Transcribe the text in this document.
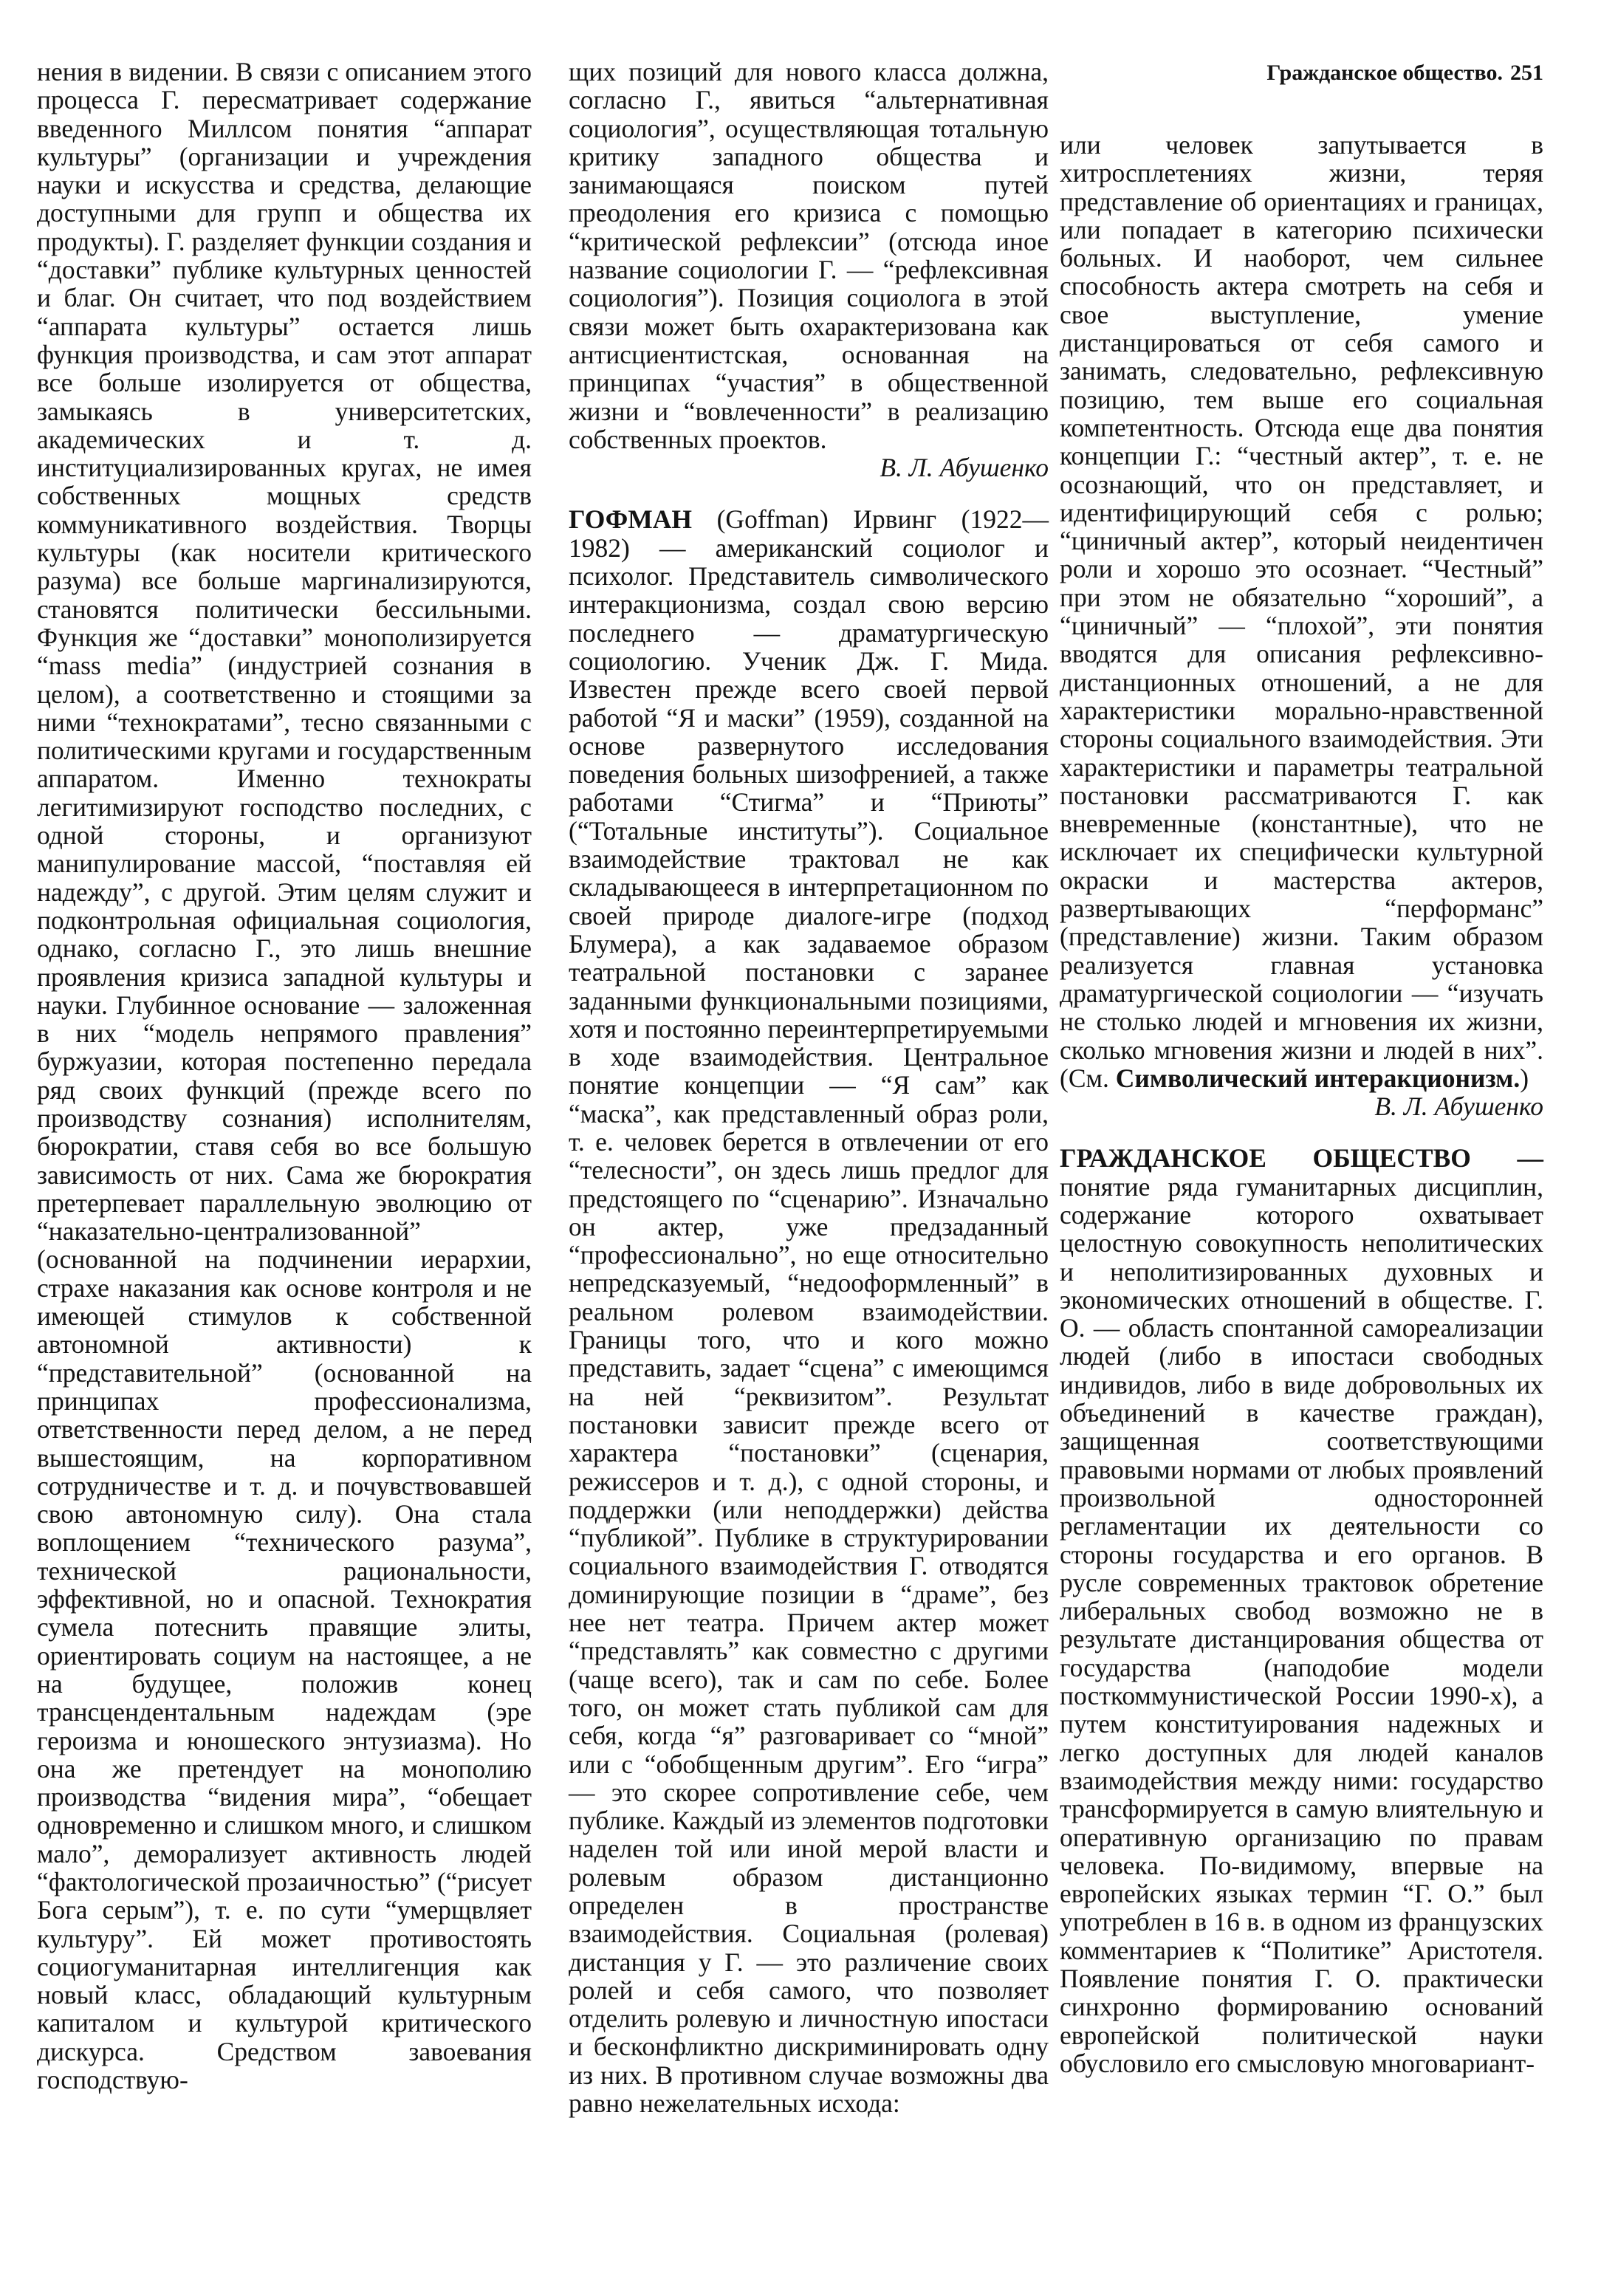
Гражданское общество. 251

нения в видении. В связи с описанием этого процесса Г. пересматривает содержание введенного Миллсом понятия “аппарат культуры” (организации и учреждения науки и искусства и средства, делающие доступными для групп и общества их продукты). Г. разделяет функции создания и “доставки” публике культурных ценностей и благ. Он считает, что под воздействием “аппарата культуры” остается лишь функция производства, и сам этот аппарат все больше изолируется от общества, замыкаясь в университетских, академических и т. д. институциализированных кругах, не имея собственных мощных средств коммуникативного воздействия. Творцы культуры (как носители критического разума) все больше маргинализируются, становятся политически бессильными. Функция же “доставки” монополизируется “mass media” (индустрией сознания в целом), а соответственно и стоящими за ними “технократами”, тесно связанными с политическими кругами и государственным аппаратом. Именно технократы легитимизируют господство последних, с одной стороны, и организуют манипулирование массой, “поставляя ей надежду”, с другой. Этим целям служит и подконтрольная официальная социология, однако, согласно Г., это лишь внешние проявления кризиса западной культуры и науки. Глубинное основание — заложенная в них “модель непрямого правления” буржуазии, которая постепенно передала ряд своих функций (прежде всего по производству сознания) исполнителям, бюрократии, ставя себя во все большую зависимость от них. Сама же бюрократия претерпевает параллельную эволюцию от “наказательно-централизованной” (основанной на подчинении иерархии, страхе наказания как основе контроля и не имеющей стимулов к собственной автономной активности) к “представительной” (основанной на принципах профессионализма, ответственности перед делом, а не перед вышестоящим, на корпоративном сотрудничестве и т. д. и почувствовавшей свою автономную силу). Она стала воплощением “технического разума”, технической рациональности, эффективной, но и опасной. Технократия сумела потеснить правящие элиты, ориентировать социум на настоящее, а не на будущее, положив конец трансцендентальным надеждам (эре героизма и юношеского энтузиазма). Но она же претендует на монополию производства “видения мира”, “обещает одновременно и слишком много, и слишком мало”, деморализует активность людей “фактологической прозаичностью” (“рисует Бога серым”), т. е. по сути “умерщвляет культуру”. Ей может противостоять социогуманитарная интеллигенция как новый класс, обладающий культурным капиталом и культурой критического дискурса. Средством завоевания господствую-

щих позиций для нового класса должна, согласно Г., явиться “альтернативная социология”, осуществляющая тотальную критику западного общества и занимающаяся поиском путей преодоления его кризиса с помощью “критической рефлексии” (отсюда иное название социологии Г. — “рефлексивная социология”). Позиция социолога в этой связи может быть охарактеризована как антисциентистская, основанная на принципах “участия” в общественной жизни и “вовлеченности” в реализацию собственных проектов.

В. Л. Абушенко

ГОФМАН (Goffman) Ирвинг (1922—1982) — американский социолог и психолог. Представитель символического интеракционизма, создал свою версию последнего — драматургическую социологию. Ученик Дж. Г. Мида. Известен прежде всего своей первой работой “Я и маски” (1959), созданной на основе развернутого исследования поведения больных шизофренией, а также работами “Стигма” и “Приюты” (“Тотальные институты”). Социальное взаимодействие трактовал не как складывающееся в интерпретационном по своей природе диалоге-игре (подход Блумера), а как задаваемое образом театральной постановки с заранее заданными функциональными позициями, хотя и постоянно переинтерпретируемыми в ходе взаимодействия. Центральное понятие концепции — “Я сам” как “маска”, как представленный образ роли, т. е. человек берется в отвлечении от его “телесности”, он здесь лишь предлог для предстоящего по “сценарию”. Изначально он актер, уже предзаданный “профессионально”, но еще относительно непредсказуемый, “недооформленный” в реальном ролевом взаимодействии. Границы того, что и кого можно представить, задает “сцена” с имеющимся на ней “реквизитом”. Результат постановки зависит прежде всего от характера “постановки” (сценария, режиссеров и т. д.), с одной стороны, и поддержки (или неподдержки) действа “публикой”. Публике в структурировании социального взаимодействия Г. отводятся доминирующие позиции в “драме”, без нее нет театра. Причем актер может “представлять” как совместно с другими (чаще всего), так и сам по себе. Более того, он может стать публикой сам для себя, когда “я” разговаривает со “мной” или с “обобщенным другим”. Его “игра” — это скорее сопротивление себе, чем публике. Каждый из элементов подготовки наделен той или иной мерой власти и ролевым образом дистанционно определен в пространстве взаимодействия. Социальная (ролевая) дистанция у Г. — это различение своих ролей и себя самого, что позволяет отделить ролевую и личностную ипостаси и бесконфликтно дискриминировать одну из них. В противном случае возможны два равно нежелательных исхода:

или человек запутывается в хитросплетениях жизни, теряя представление об ориентациях и границах, или попадает в категорию психически больных. И наоборот, чем сильнее способность актера смотреть на себя и свое выступление, умение дистанцироваться от себя самого и занимать, следовательно, рефлексивную позицию, тем выше его социальная компетентность. Отсюда еще два понятия концепции Г.: “честный актер”, т. е. не осознающий, что он представляет, и идентифицирующий себя с ролью; “циничный актер”, который неидентичен роли и хорошо это осознает. “Честный” при этом не обязательно “хороший”, а “циничный” — “плохой”, эти понятия вводятся для описания рефлексивно-дистанционных отношений, а не для характеристики морально-нравственной стороны социального взаимодействия. Эти характеристики и параметры театральной постановки рассматриваются Г. как вневременные (константные), что не исключает их специфически культурной окраски и мастерства актеров, развертывающих “перформанс” (представление) жизни. Таким образом реализуется главная установка драматургической социологии — “изучать не столько людей и мгновения их жизни, сколько мгновения жизни и людей в них”. (См. Символический интеракционизм.)

В. Л. Абушенко

ГРАЖДАНСКОЕ ОБЩЕСТВО — понятие ряда гуманитарных дисциплин, содержание которого охватывает целостную совокупность неполитических и неполитизированных духовных и экономических отношений в обществе. Г. О. — область спонтанной самореализации людей (либо в ипостаси свободных индивидов, либо в виде добровольных их объединений в качестве граждан), защищенная соответствующими правовыми нормами от любых проявлений произвольной односторонней регламентации их деятельности со стороны государства и его органов. В русле современных трактовок обретение либеральных свобод возможно не в результате дистанцирования общества от государства (наподобие модели посткоммунистической России 1990-х), а путем конституирования надежных и легко доступных для людей каналов взаимодействия между ними: государство трансформируется в самую влиятельную и оперативную организацию по правам человека. По-видимому, впервые на европейских языках термин “Г. О.” был употреблен в 16 в. в одном из французских комментариев к “Политике” Аристотеля. Появление понятия Г. О. практически синхронно формированию оснований европейской политической науки обусловило его смысловую многовариант-
